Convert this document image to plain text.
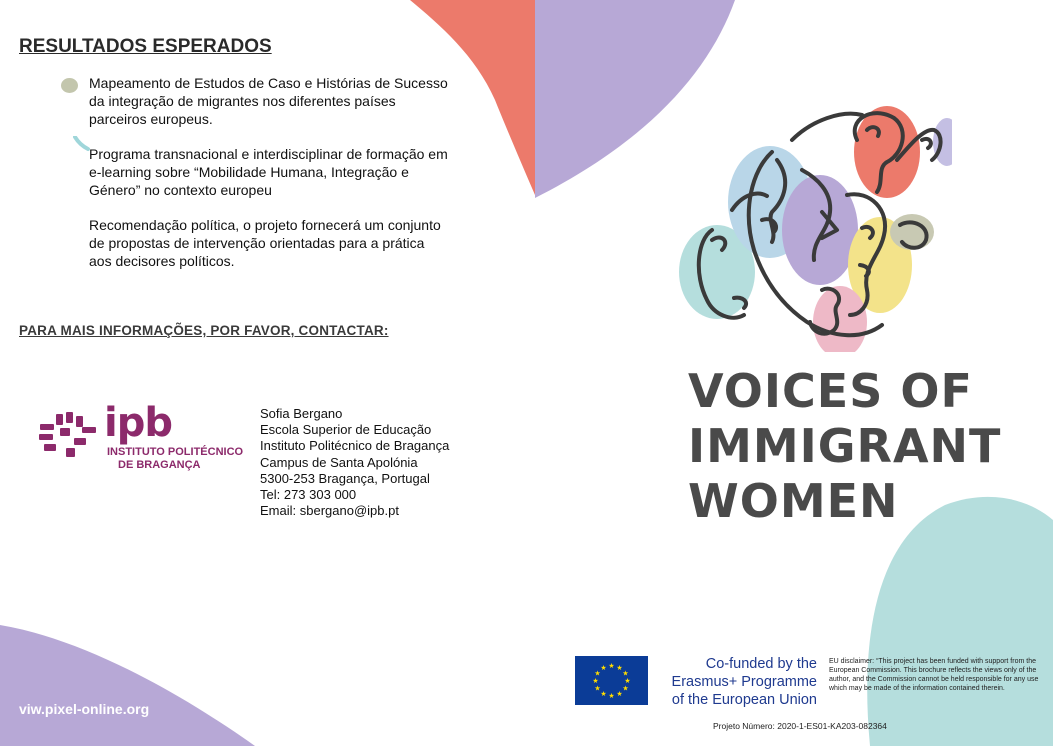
RESULTADOS ESPERADOS

Mapeamento de Estudos de Caso e Histórias de Sucesso da integração de migrantes nos diferentes países parceiros europeus.

Programa transnacional e interdisciplinar de formação em e-learning sobre “Mobilidade Humana, Integração e Género” no contexto europeu

Recomendação política, o projeto fornecerá um conjunto de propostas de intervenção orientadas para a prática aos decisores políticos.

PARA MAIS INFORMAÇÕES, POR FAVOR, CONTACTAR:
ipb
INSTITUTO POLITÉCNICO
DE BRAGANÇA
Sofia Bergano
Escola Superior de Educação
Instituto Politécnico de Bragança
Campus de Santa Apolónia
5300-253 Bragança, Portugal
Tel: 273 303 000
Email: sbergano@ipb.pt
VOICES OF
IMMIGRANT
WOMEN
viw.pixel-online.org
★ ★
★
★
★
★
★
★
★
★
★
★	Co-funded by the
Erasmus+ Programme
of the European Union

EU disclaimer: “This project has been funded with support from the European Commission. This brochure reflects the views only of the author, and the Commission cannot be held responsible for any use which may be made of the information contained therein.

Projeto Número: 2020-1-ES01-KA203-082364
